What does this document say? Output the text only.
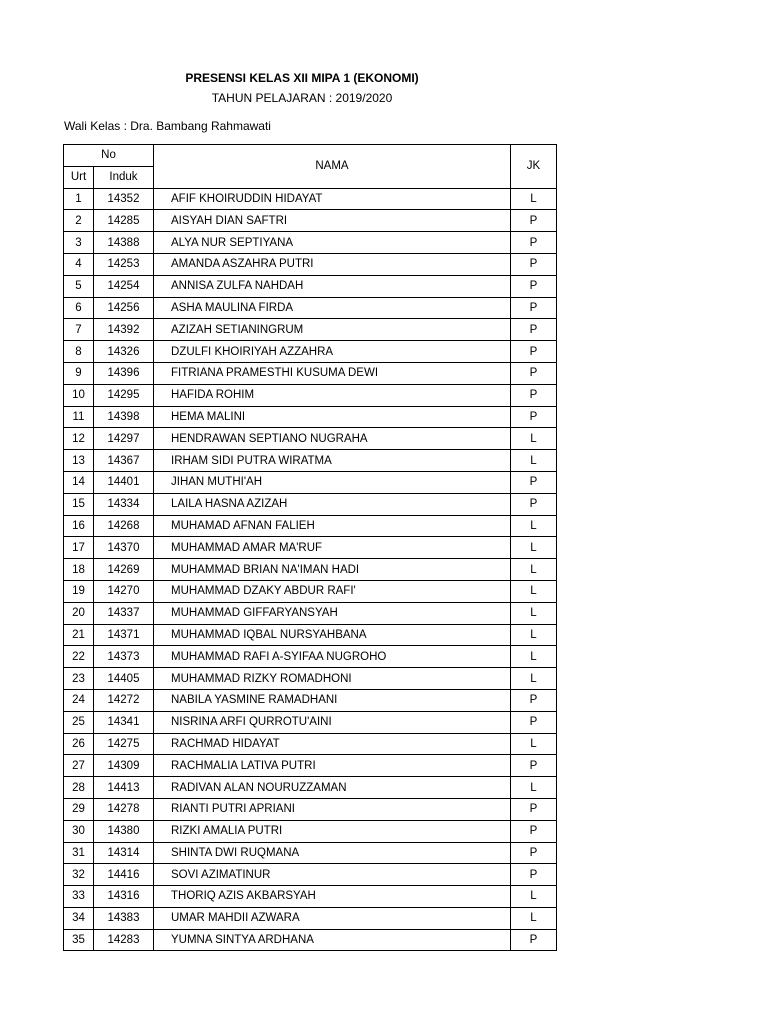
PRESENSI KELAS XII MIPA 1 (EKONOMI)
TAHUN PELAJARAN : 2019/2020
Wali Kelas : Dra. Bambang Rahmawati
No		NAMA	JK
Urt	Induk		
1	14352	AFIF KHOIRUDDIN HIDAYAT	L
2	14285	AISYAH DIAN SAFTRI	P
3	14388	ALYA NUR SEPTIYANA	P
4	14253	AMANDA ASZAHRA PUTRI	P
5	14254	ANNISA ZULFA NAHDAH	P
6	14256	ASHA MAULINA FIRDA	P
7	14392	AZIZAH SETIANINGRUM	P
8	14326	DZULFI KHOIRIYAH AZZAHRA	P
9	14396	FITRIANA PRAMESTHI KUSUMA DEWI	P
10	14295	HAFIDA ROHIM	P
11	14398	HEMA MALINI	P
12	14297	HENDRAWAN SEPTIANO NUGRAHA	L
13	14367	IRHAM SIDI PUTRA WIRATMA	L
14	14401	JIHAN MUTHI'AH	P
15	14334	LAILA HASNA AZIZAH	P
16	14268	MUHAMAD AFNAN FALIEH	L
17	14370	MUHAMMAD AMAR MA'RUF	L
18	14269	MUHAMMAD BRIAN NA'IMAN HADI	L
19	14270	MUHAMMAD DZAKY ABDUR RAFI'	L
20	14337	MUHAMMAD GIFFARYANSYAH	L
21	14371	MUHAMMAD IQBAL NURSYAHBANA	L
22	14373	MUHAMMAD RAFI A-SYIFAA NUGROHO	L
23	14405	MUHAMMAD RIZKY ROMADHONI	L
24	14272	NABILA YASMINE RAMADHANI	P
25	14341	NISRINA ARFI QURROTU'AINI	P
26	14275	RACHMAD HIDAYAT	L
27	14309	RACHMALIA LATIVA PUTRI	P
28	14413	RADIVAN ALAN NOURUZZAMAN	L
29	14278	RIANTI PUTRI APRIANI	P
30	14380	RIZKI AMALIA PUTRI	P
31	14314	SHINTA DWI RUQMANA	P
32	14416	SOVI AZIMATINUR	P
33	14316	THORIQ AZIS AKBARSYAH	L
34	14383	UMAR MAHDII AZWARA	L
35	14283	YUMNA SINTYA ARDHANA	P
